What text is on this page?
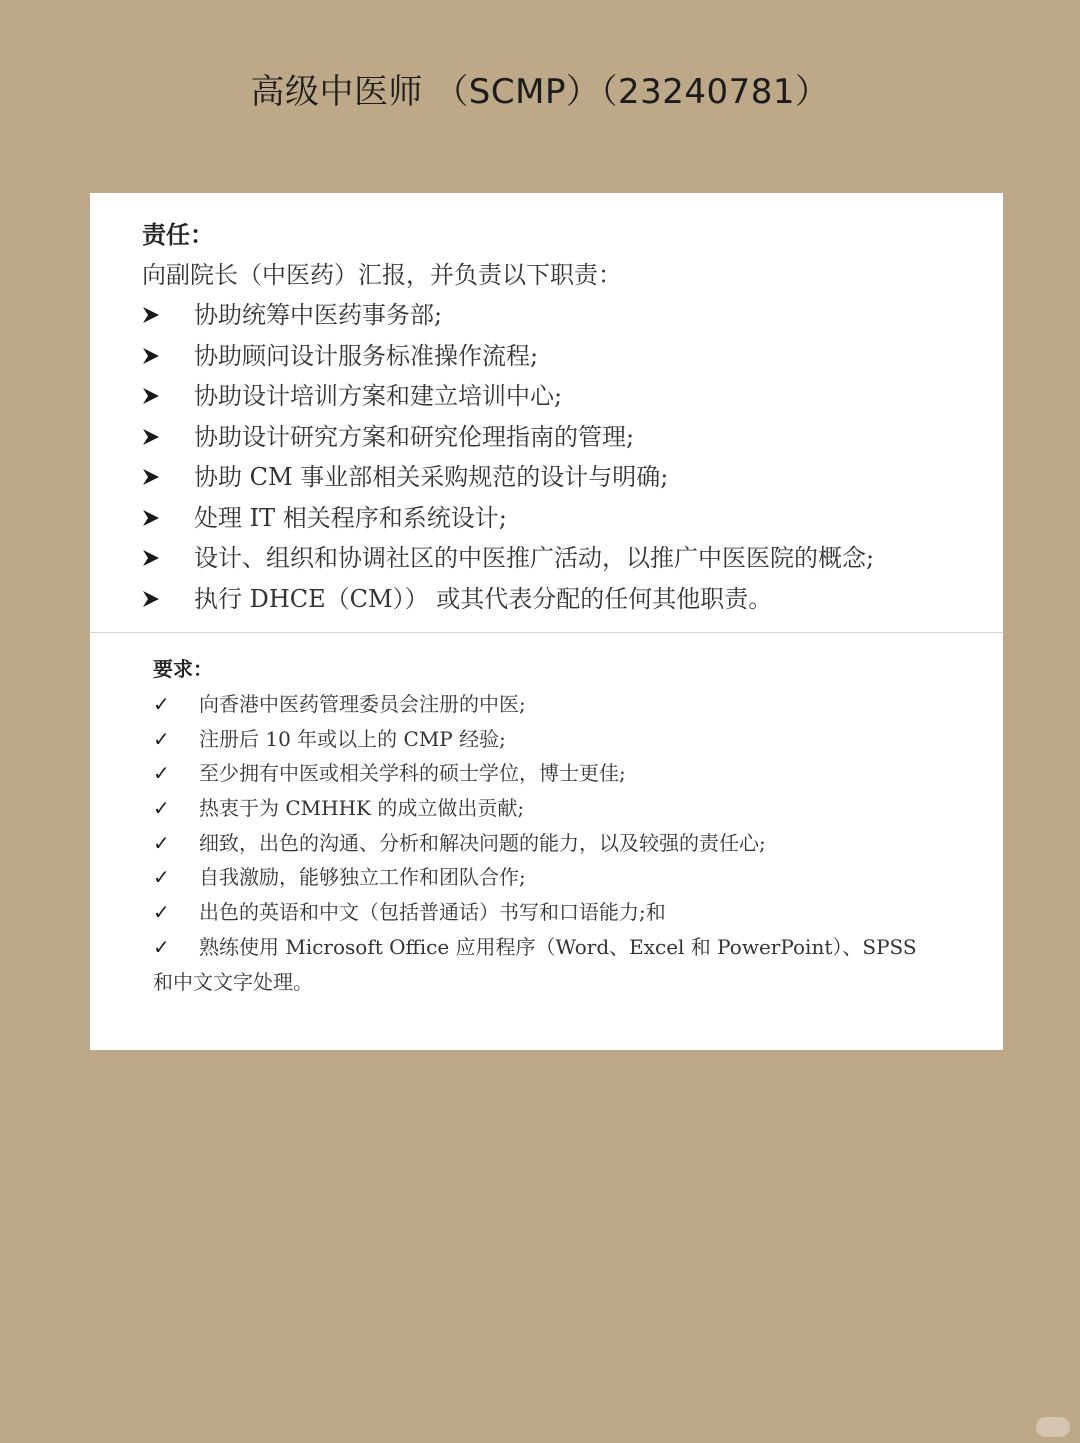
高级中医师 （SCMP）（23240781）
责任：
向副院长（中医药）汇报，并负责以下职责：
协助统筹中医药事务部;
协助顾问设计服务标准操作流程;
协助设计培训方案和建立培训中心;
协助设计研究方案和研究伦理指南的管理;
协助 CM 事业部相关采购规范的设计与明确;
处理 IT 相关程序和系统设计;
设计、组织和协调社区的中医推广活动，以推广中医医院的概念;
执行 DHCE（CM）） 或其代表分配的任何其他职责。
要求：
✓	向香港中医药管理委员会注册的中医;
✓	注册后 10 年或以上的 CMP 经验;
✓	至少拥有中医或相关学科的硕士学位，博士更佳;
✓	热衷于为 CMHHK 的成立做出贡献;
✓	细致，出色的沟通、分析和解决问题的能力，以及较强的责任心;
✓	自我激励，能够独立工作和团队合作;
✓	出色的英语和中文（包括普通话）书写和口语能力;和
✓	熟练使用 Microsoft Office 应用程序（Word、Excel 和 PowerPoint）、SPSS
和中文文字处理。
